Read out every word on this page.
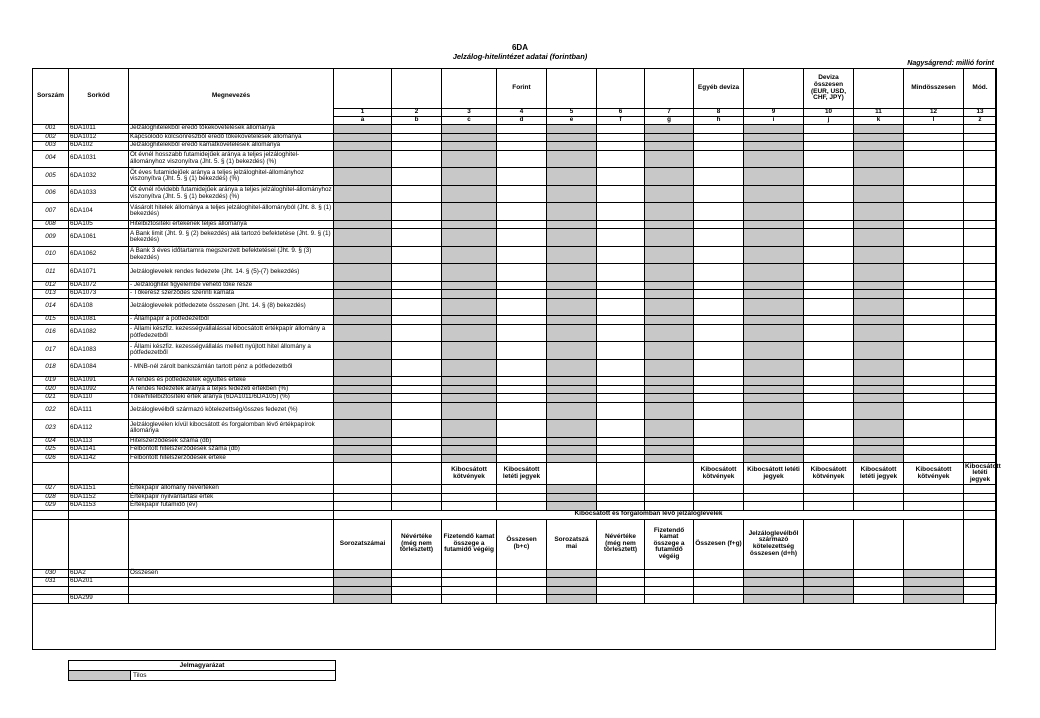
6DA
Jelzálog-hitelintézet adatai (forintban)
Nagyságrend: millió forint
Sorszám	Sorkód	Megnevezés				Forint				Egyéb deviza		Deviza összesen (EUR, USD, CHF, JPY)		Mindösszesen	Mód.
			1	2	3	4	5	6	7	8	9	10	11	12	13
			a	b	c	d	e	f	g	h	i	j	k	l	z
001	6DA1011	Jelzáloghitelekből eredő tőkekövetelések állománya													
002	6DA1012	Kapcsolódó kölcsönrészből eredő tőkekövetelések állománya													
003	6DA102	Jelzáloghitelekből eredő kamatkövetelések állománya													
004	6DA1031	Öt évnél hosszabb futamidejűek aránya a teljes jelzáloghitel-állományhoz viszonyítva (Jht. 5. § (1) bekezdés) (%)													
005	6DA1032	Öt éves futamidejűek aránya a teljes jelzáloghitel-állományhoz viszonyítva (Jht. 5. § (1) bekezdés) (%)													
006	6DA1033	Öt évnél rövidebb futamidejűek aránya a teljes jelzáloghitel-állományhoz viszonyítva (Jht. 5. § (1) bekezdés) (%)													
007	6DA104	Vásárolt hitelek állománya a teljes jelzáloghitel-állományból (Jht. 8. § (1) bekezdés)													
008	6DA105	Hitelbiztosítéki értékének teljes állománya													
009	6DA1061	A Bank limit (Jht. 9. § (2) bekezdés) alá tartozó befektetése (Jht. 9. § (1) bekezdés)													
010	6DA1062	A Bank 3 éves időtartamra megszerzett befektetései (Jht. 9. § (3) bekezdés)													
011	6DA1071	Jelzáloglevelek rendes fedezete (Jht. 14. § (5)-(7) bekezdés)													
012	6DA1072	- Jelzáloghitel figyelembe vehető tőke része													
013	6DA1073	- Tőkerész szerződés szerinti kamata													
014	6DA108	Jelzáloglevelek pótfedezete összesen (Jht. 14. § (8) bekezdés)													
015	6DA1081	- Állampapír a pótfedezetből													
016	6DA1082	- Állami készfiz. kezességvállalással kibocsátott értékpapír állomány a pótfedezetből													
017	6DA1083	- Állami készfiz. kezességvállalás mellett nyújtott hitel állomány a pótfedezetből													
018	6DA1084	- MNB-nél zárolt bankszámlán tartott pénz a pótfedezetből													
019	6DA1091	A rendes és pótfedezetek együttes értéke													
020	6DA1092	A rendes fedezetek aránya a teljes fedezeti értékben (%)													
021	6DA110	Tőke/hitelbiztosítéki érték aránya (6DA1011/6DA105) (%)													
022	6DA111	Jelzáloglevélből származó kötelezettség/összes fedezet (%)													
023	6DA112	Jelzáloglevélen kívül kibocsátott és forgalomban lévő értékpapírok állománya													
024	6DA113	Hitelszerződések száma (db)													
025	6DA1141	Felbontott hitelszerződések száma (db)													
026	6DA1142	Felbontott hitelszerződések értéke													
					Kibocsátott kötvények	Kibocsátott letéti jegyek				Kibocsátott kötvények	Kibocsátott letéti jegyek	Kibocsátott kötvények	Kibocsátott letéti jegyek	Kibocsátott kötvények	Kibocsátott letéti jegyek
027	6DA1151	Értékpapír állomány névértéken													
028	6DA1152	Értékpapír nyilvántartási érték													
029	6DA1153	Értékpapír futamidő (év)													
			Kibocsátott és forgalomban lévő jelzáloglevelek												
			Sorozatszámai	Névértéke (még nem törlesztett)	Fizetendő kamat összege a futamidő végéig	Összesen (b+c)	Sorozatszá mai	Névértéke (még nem törlesztett)	Fizetendő kamat összege a futamidő végéig	Összesen (f+g)	Jelzáloglevélből származó kötelezettség összesen (d+h)				
030	6DA2	Összesen													
031	6DA201														

	6DA299														
Jelmagyarázat
	Tilos
